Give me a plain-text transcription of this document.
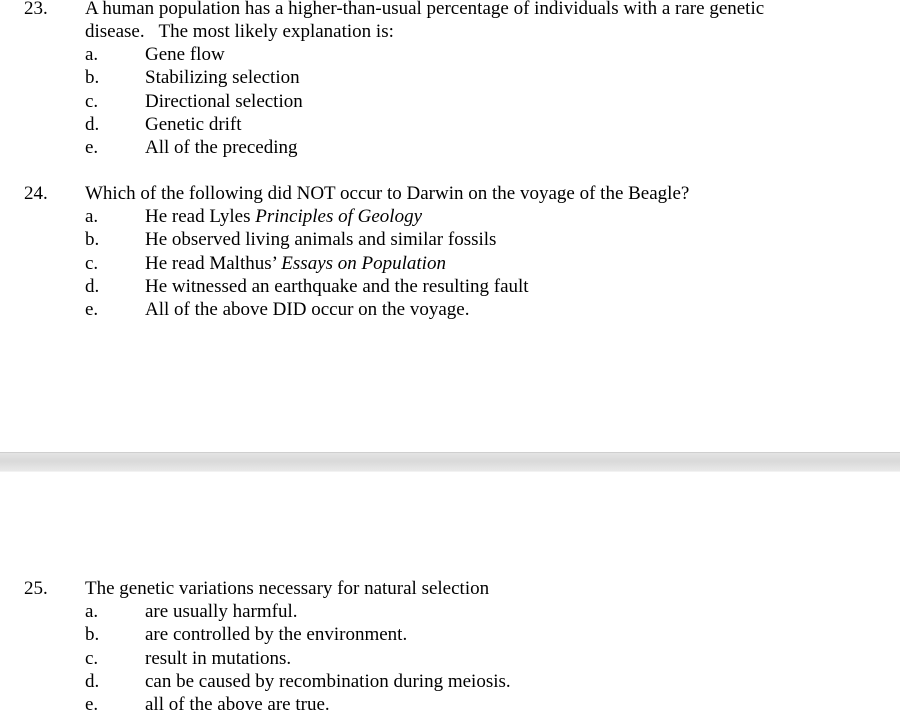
23. A human population has a higher-than-usual percentage of individuals with a rare genetic
disease.   The most likely explanation is:
a. Gene flow
b. Stabilizing selection
c. Directional selection
d. Genetic drift
e. All of the preceding
24. Which of the following did NOT occur to Darwin on the voyage of the Beagle?
a. He read Lyles Principles of Geology
b. He observed living animals and similar fossils
c. He read Malthus’ Essays on Population
d. He witnessed an earthquake and the resulting fault
e. All of the above DID occur on the voyage.
25. The genetic variations necessary for natural selection
a. are usually harmful.
b. are controlled by the environment.
c. result in mutations.
d. can be caused by recombination during meiosis.
e. all of the above are true.
